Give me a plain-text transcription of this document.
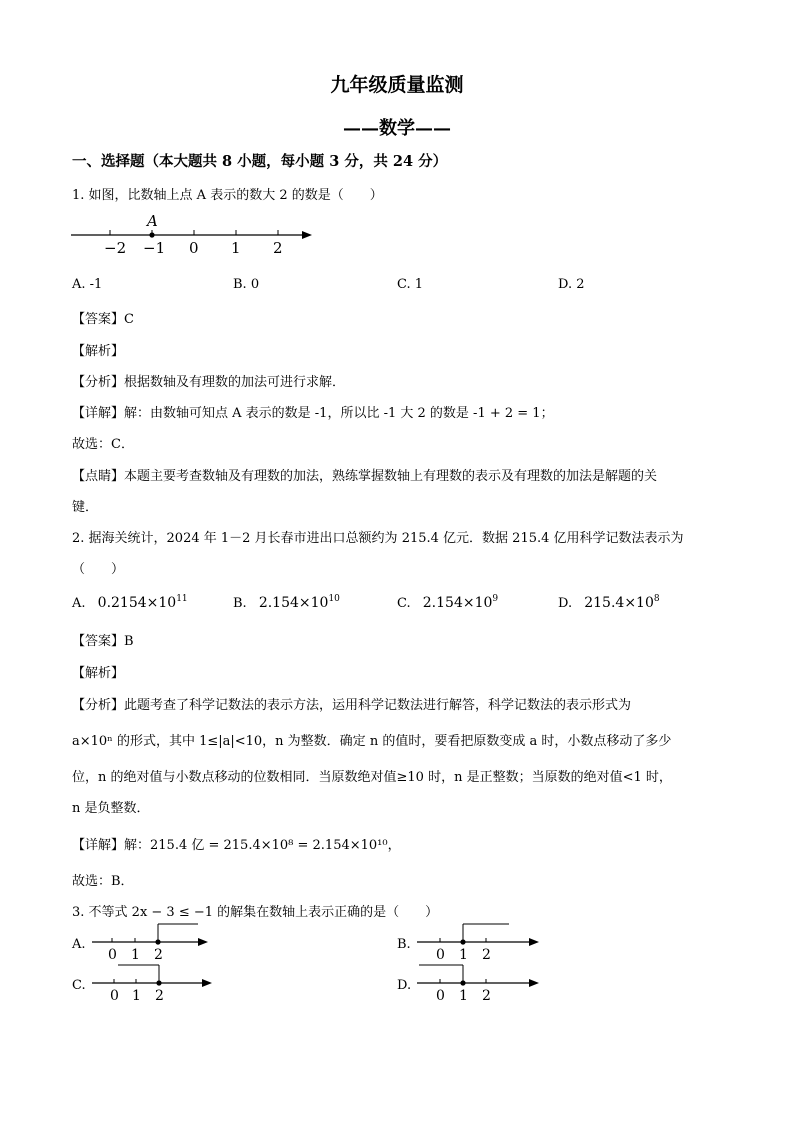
九年级质量监测
——数学——
一、选择题（本大题共 8 小题，每小题 3 分，共 24 分）
1. 如图，比数轴上点 A 表示的数大 2 的数是（　　）
A
−2 −1 0 1 2
A. -1	B. 0	C. 1	D. 2
【答案】C
【解析】
【分析】根据数轴及有理数的加法可进行求解．
【详解】解：由数轴可知点 A 表示的数是 -1，所以比 -1 大 2 的数是 -1 + 2 = 1；
故选：C．
【点睛】本题主要考查数轴及有理数的加法，熟练掌握数轴上有理数的表示及有理数的加法是解题的关
键．
2. 据海关统计，2024 年 1－2 月长春市进出口总额约为 215.4 亿元．数据 215.4 亿用科学记数法表示为
（　　）
A. $0.2154\times 10^{11}$	B. $2.154\times 10^{10}$	C. $2.154\times 10^9$	D. $215.4\times 10^8$
【答案】B
【解析】
【分析】此题考查了科学记数法的表示方法，运用科学记数法进行解答，科学记数法的表示形式为
a×10ⁿ 的形式，其中 1≤|a|<10，n 为整数．确定 n 的值时，要看把原数变成 a 时，小数点移动了多少
位，n 的绝对值与小数点移动的位数相同．当原数绝对值≥10 时，n 是正整数；当原数的绝对值<1 时，
n 是负整数．
【详解】解：215.4 亿 = 215.4×10⁸ = 2.154×10¹⁰，
故选：B．
3. 不等式 2x − 3 ≤ −1 的解集在数轴上表示正确的是（　　）
A.
0 1 2
B.
0 1 2
C.
0 1 2
D.
0 1 2
